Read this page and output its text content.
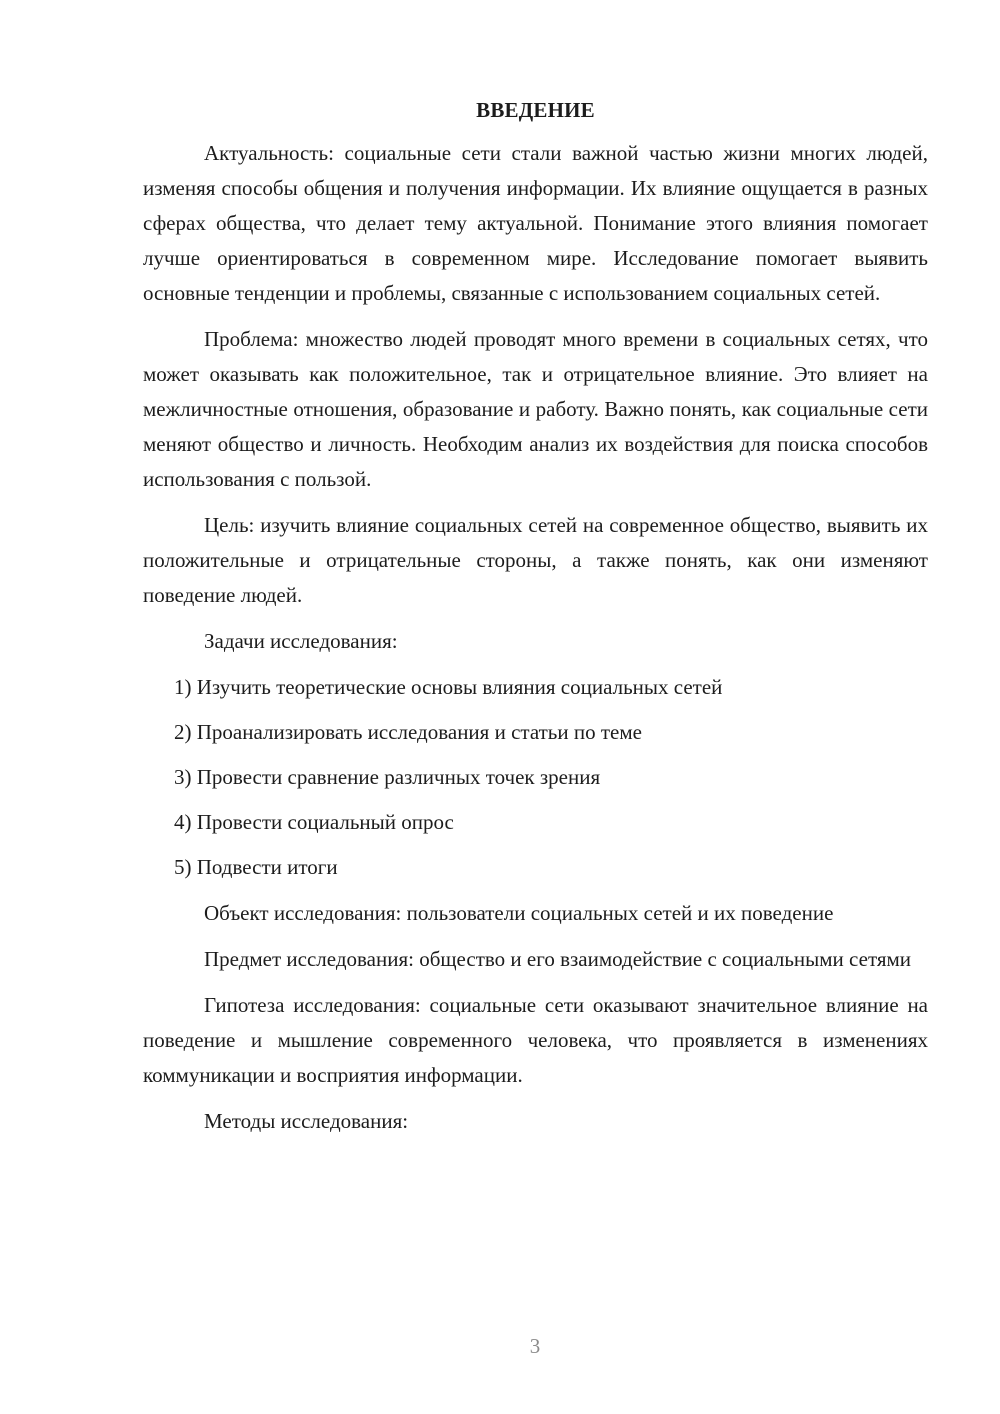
ВВЕДЕНИЕ

Актуальность: социальные сети стали важной частью жизни многих людей, изменяя способы общения и получения информации. Их влияние ощущается в разных сферах общества, что делает тему актуальной. Понимание этого влияния помогает лучше ориентироваться в современном мире. Исследование помогает выявить основные тенденции и проблемы, связанные с использованием социальных сетей.

Проблема: множество людей проводят много времени в социальных сетях, что может оказывать как положительное, так и отрицательное влияние. Это влияет на межличностные отношения, образование и работу. Важно понять, как социальные сети меняют общество и личность. Необходим анализ их воздействия для поиска способов использования с пользой.

Цель: изучить влияние социальных сетей на современное общество, выявить их положительные и отрицательные стороны, а также понять, как они изменяют поведение людей.

Задачи исследования:

1) Изучить теоретические основы влияния социальных сетей
2) Проанализировать исследования и статьи по теме
3) Провести сравнение различных точек зрения
4) Провести социальный опрос
5) Подвести итоги

Объект исследования: пользователи социальных сетей и их поведение

Предмет исследования: общество и его взаимодействие с социальными сетями

Гипотеза исследования: социальные сети оказывают значительное влияние на поведение и мышление современного человека, что проявляется в изменениях коммуникации и восприятия информации.

Методы исследования:

3
